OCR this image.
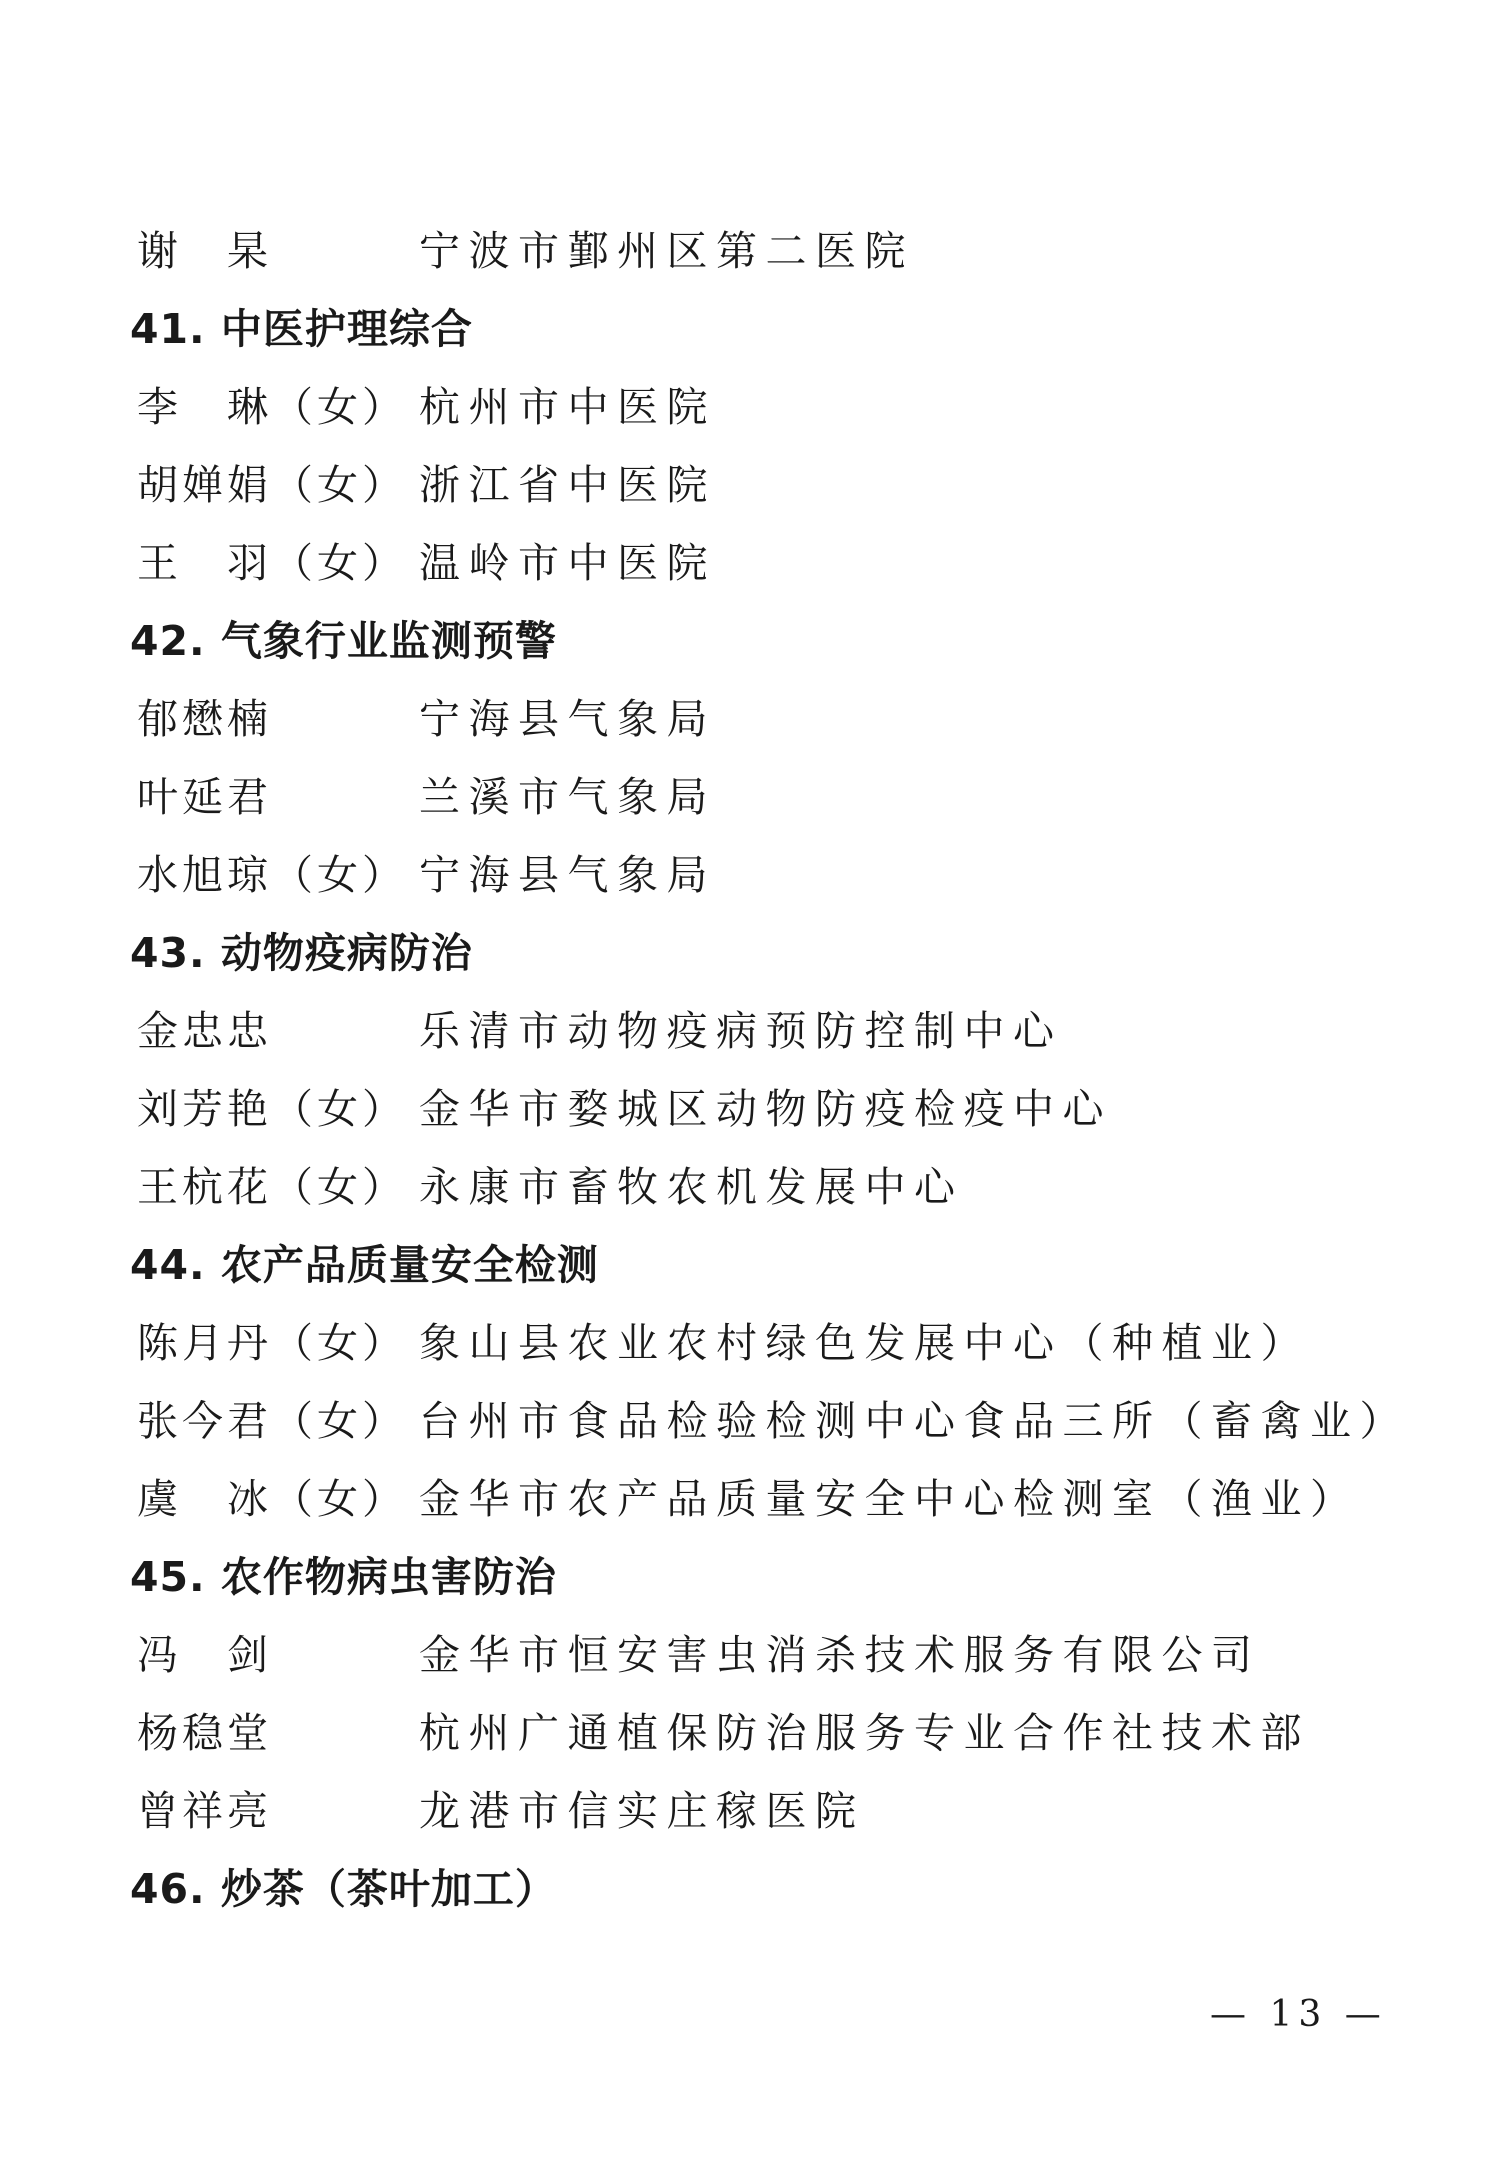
谢　杲	宁波市鄞州区第二医院
41. 中医护理综合
李　琳（女） 杭州市中医院
胡婵娟（女） 浙江省中医院
王　羽（女） 温岭市中医院
42. 气象行业监测预警
郁懋楠	宁海县气象局
叶延君	兰溪市气象局
水旭琼（女） 宁海县气象局
43. 动物疫病防治
金忠忠	乐清市动物疫病预防控制中心
刘芳艳（女） 金华市婺城区动物防疫检疫中心
王杭花（女） 永康市畜牧农机发展中心
44. 农产品质量安全检测
陈月丹（女） 象山县农业农村绿色发展中心（种植业）
张今君（女） 台州市食品检验检测中心食品三所（畜禽业）
虞　冰（女） 金华市农产品质量安全中心检测室（渔业）
45. 农作物病虫害防治
冯　剑	金华市恒安害虫消杀技术服务有限公司
杨稳堂	杭州广通植保防治服务专业合作社技术部
曾祥亮	龙港市信实庄稼医院
46. 炒茶（茶叶加工）
— 13 —
